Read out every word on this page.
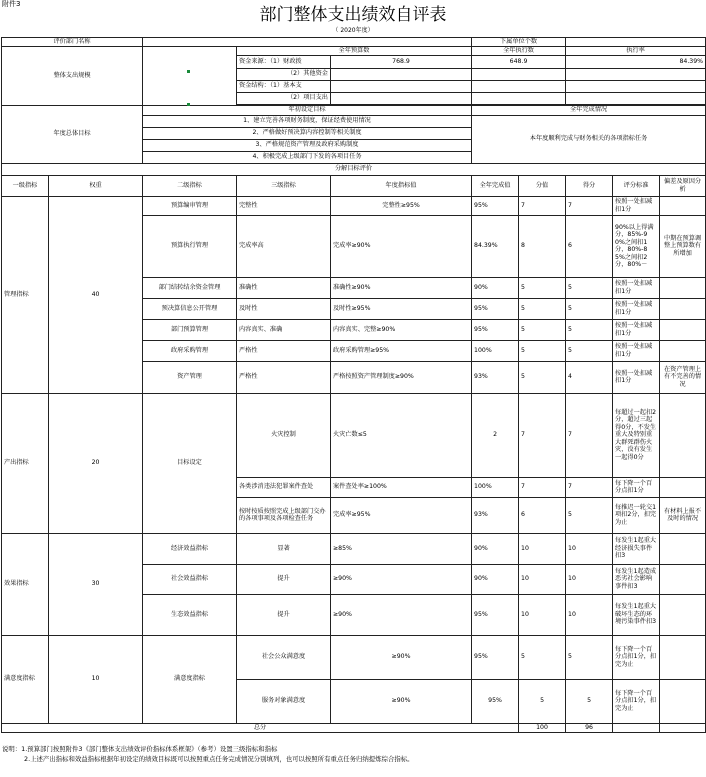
附件3
部门整体支出绩效自评表
（ 2020年度）
评价部门名称					下属单位个数				
整体支出规模			全年预算数		全年执行数		执行率		
			资金来源：（1）财政拨	768.9	648.9		84.39%		
			（2）其他资金						
			资金结构：（1）基本支						
			（2）项目支出						

年度总体目标		年初设定目标			全年完成情况				
		1、建立完善各项财务制度，保证经费使用情况			本年度顺利完成与财务相关的各项指标任务				
		2、严格做好预决算内容控制等相关制度							
		3、严格规范资产管理及政府采购制度							
		4、积极完成上级部门下发的各项目任务							
分解目标评价									
一级指标	权重	二级指标	三级指标	年度指标值	全年完成值	分值	得分	评分标准	偏差及原因分析
管理指标	40	预算编审管理	完整性	完整性≥95%	95%	7	7	按照一处扣减扣1分	
		预算执行管理	完成率高	完成率≥90%	84.39%	8	6	90%以上得满分，85%-90%之间扣1分，80%-85%之间扣2分，80%－	中期在预算调整上预算数有所增加
		部门结转结余资金管理	准确性	准确性≥90%	90%	5	5	按照一处扣减扣1分	
		预决算信息公开管理	及时性	及时性≥95%	95%	5	5	按照一处扣减扣1分	
		部门预算管理	内容真实、准确	内容真实、完整≥90%	95%	5	5	按照一处扣减扣1分	
		政府采购管理	严格性	政府采购管理≥95%	100%	5	5	按照一处扣减扣1分	
		资产管理	严格性	严格按照资产管理制度≥90%	93%	5	4	按照一处扣减扣1分	在资产管理上有不完善的情况
产出指标	20	目标设定	火灾控制	火灾亡数≤5	2	7	7	每超过一起扣2分，超过三起得0分，不发生重大及特别重大群死群伤火灾，没有发生一起得0分	
			各类涉消违法犯罪案件查处	案件查处率≥100%	100%	7	7	每下降一个百分点扣1分	
			按时按质按照完成上级部门交办的各项事项及各项检查任务	完成率≥95%	93%	6	5	每推迟一轮交1项扣2分，扣完为止	有材料上报不及时的情况
效果指标	30	经济效益指标	显著	≥85%	90%	10	10	每发生1起重大经济损失事件扣3	
		社会效益指标	提升	≥90%	90%	10	10	每发生1起造成恶劣社会影响事件扣3	
		生态效益指标	提升	≥90%	95%	10	10	每发生1起重大破坏生态的环境污染事件扣3	
满意度指标	10	满意度指标	社会公众满意度	≥90%	95%	5	5	每下降一个百分点扣1分，扣完为止	
			服务对象满意度	≥90%	95%	5	5	每下降一个百分点扣1分，扣完为止	
总分						100	96		
说明：1.预算部门按照附件3《部门整体支出绩效评价指标体系框架》（参考）设置三级指标和指标
2.上述产出指标和效益指标根据年初设定的绩效目标既可以按照重点任务完成情况分别填列，也可以按照所有重点任务归纳提炼综合指标。
